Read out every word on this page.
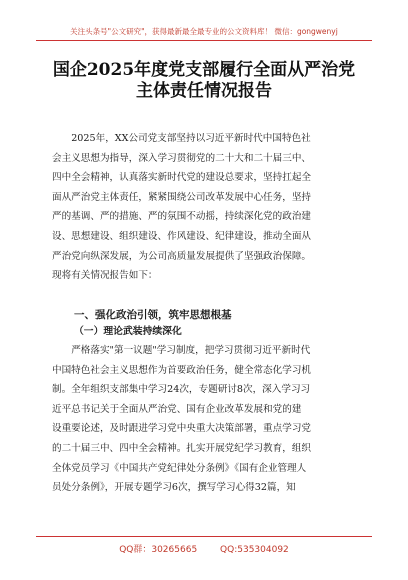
关注头条号"公文研究"，获得最新最全最专业的公文资料库！ 微信：gongwenyj
国企2025年度党支部履行全面从严治党
主体责任情况报告
2025年，XX公司党支部坚持以习近平新时代中国特色社
会主义思想为指导，深入学习贯彻党的二十大和二十届三中、
四中全会精神，认真落实新时代党的建设总要求，坚持扛起全
面从严治党主体责任，紧紧围绕公司改革发展中心任务，坚持
严的基调、严的措施、严的氛围不动摇，持续深化党的政治建
设、思想建设、组织建设、作风建设、纪律建设，推动全面从
严治党向纵深发展，为公司高质量发展提供了坚强政治保障。
现将有关情况报告如下：
一、强化政治引领，筑牢思想根基
（一）理论武装持续深化
严格落实"第一议题"学习制度，把学习贯彻习近平新时代
中国特色社会主义思想作为首要政治任务，健全常态化学习机
制。全年组织支部集中学习24次，专题研讨8次，深入学习习
近平总书记关于全面从严治党、国有企业改革发展和党的建
设重要论述，及时跟进学习党中央重大决策部署，重点学习党
的二十届三中、四中全会精神。扎实开展党纪学习教育，组织
全体党员学习《中国共产党纪律处分条例》《国有企业管理人
员处分条例》，开展专题学习6次，撰写学习心得32篇，知
QQ群：30265665	QQ:535304092
